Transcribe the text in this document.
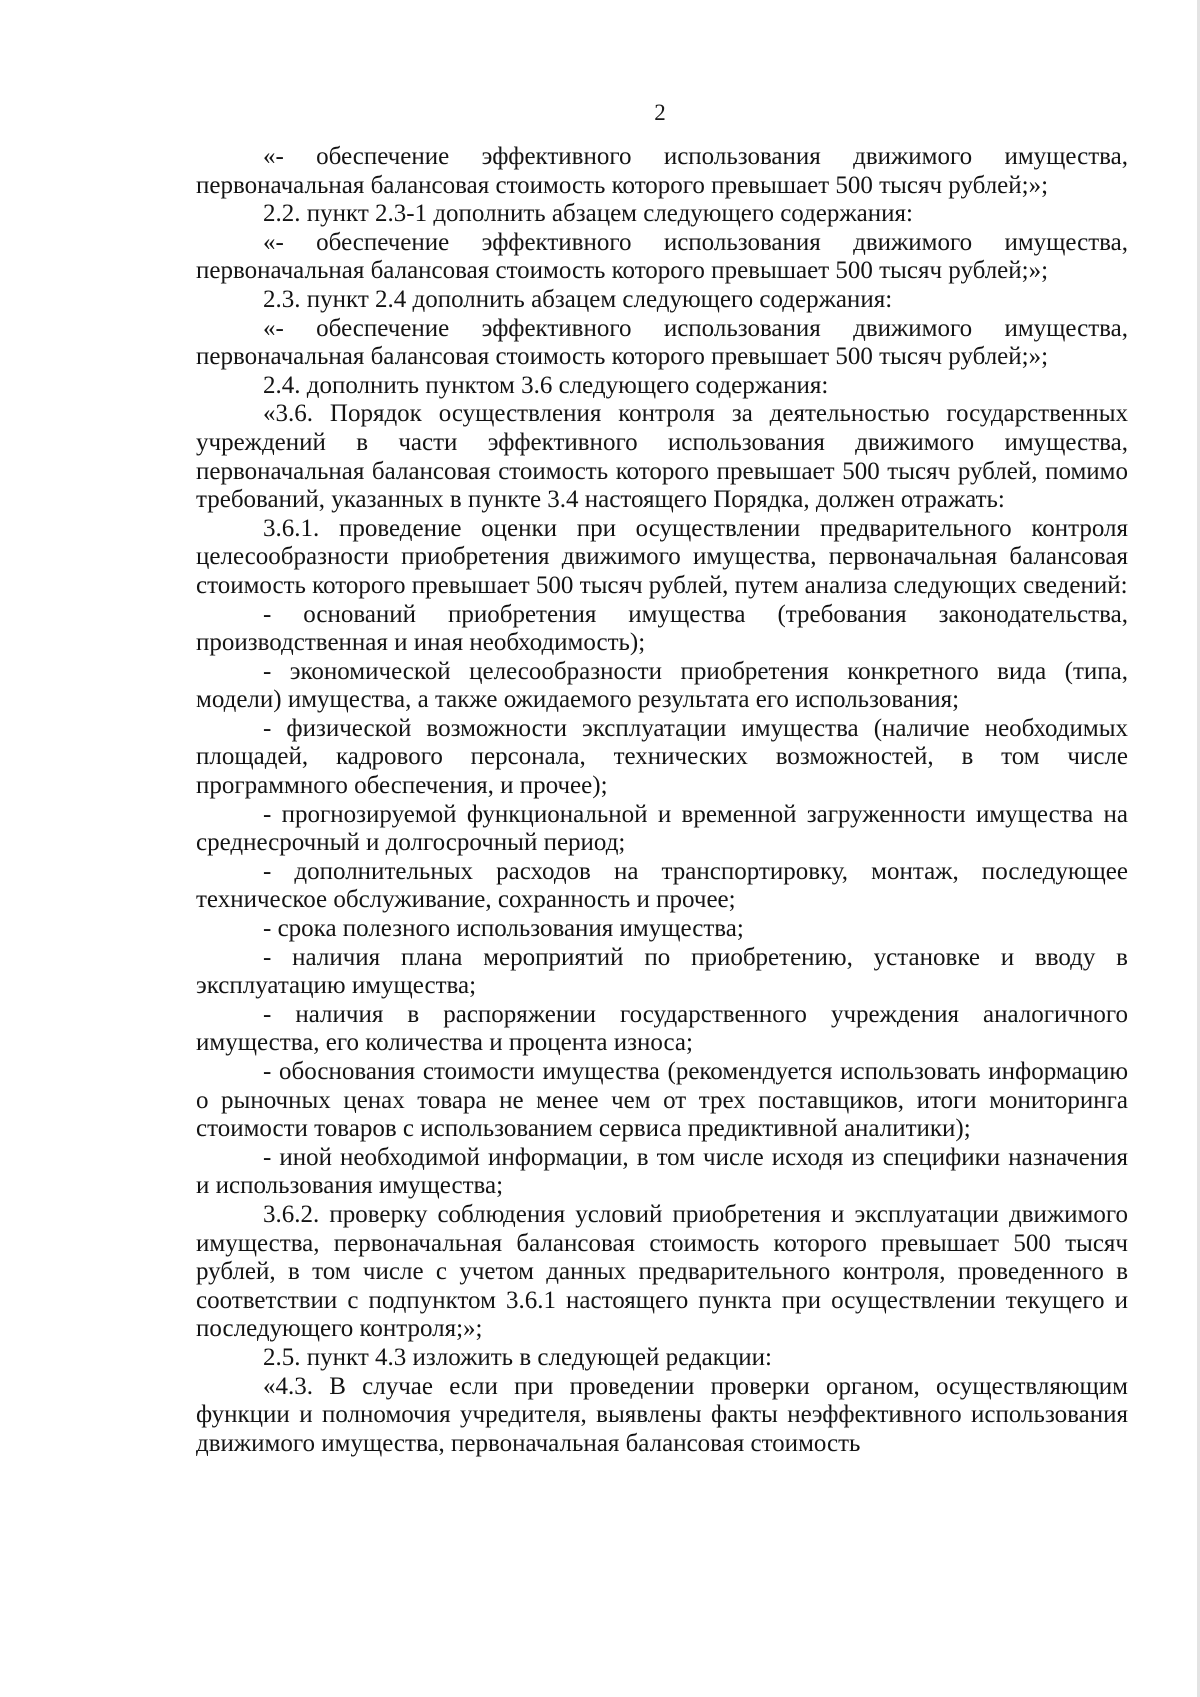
2

«- обеспечение эффективного использования движимого имущества, первоначальная балансовая стоимость которого превышает 500 тысяч рублей;»;

2.2. пункт 2.3-1 дополнить абзацем следующего содержания:

«- обеспечение эффективного использования движимого имущества, первоначальная балансовая стоимость которого превышает 500 тысяч рублей;»;

2.3. пункт 2.4 дополнить абзацем следующего содержания:

«- обеспечение эффективного использования движимого имущества, первоначальная балансовая стоимость которого превышает 500 тысяч рублей;»;

2.4. дополнить пунктом 3.6 следующего содержания:

«3.6. Порядок осуществления контроля за деятельностью государственных учреждений в части эффективного использования движимого имущества, первоначальная балансовая стоимость которого превышает 500 тысяч рублей, помимо требований, указанных в пункте 3.4 настоящего Порядка, должен отражать:

3.6.1. проведение оценки при осуществлении предварительного контроля целесообразности приобретения движимого имущества, первоначальная балансовая стоимость которого превышает 500 тысяч рублей, путем анализа следующих сведений:

- оснований приобретения имущества (требования законодательства, производственная и иная необходимость);

- экономической целесообразности приобретения конкретного вида (типа, модели) имущества, а также ожидаемого результата его использования;

- физической возможности эксплуатации имущества (наличие необходимых площадей, кадрового персонала, технических возможностей, в том числе программного обеспечения, и прочее);

- прогнозируемой функциональной и временной загруженности имущества на среднесрочный и долгосрочный период;

- дополнительных расходов на транспортировку, монтаж, последующее техническое обслуживание, сохранность и прочее;

- срока полезного использования имущества;

- наличия плана мероприятий по приобретению, установке и вводу в эксплуатацию имущества;

- наличия в распоряжении государственного учреждения аналогичного имущества, его количества и процента износа;

- обоснования стоимости имущества (рекомендуется использовать информацию о рыночных ценах товара не менее чем от трех поставщиков, итоги мониторинга стоимости товаров с использованием сервиса предиктивной аналитики);

- иной необходимой информации, в том числе исходя из специфики назначения и использования имущества;

3.6.2. проверку соблюдения условий приобретения и эксплуатации движимого имущества, первоначальная балансовая стоимость которого превышает 500 тысяч рублей, в том числе с учетом данных предварительного контроля, проведенного в соответствии с подпунктом 3.6.1 настоящего пункта при осуществлении текущего и последующего контроля;»;

2.5. пункт 4.3 изложить в следующей редакции:

«4.3. В случае если при проведении проверки органом, осуществляющим функции и полномочия учредителя, выявлены факты неэффективного использования движимого имущества, первоначальная балансовая стоимость
